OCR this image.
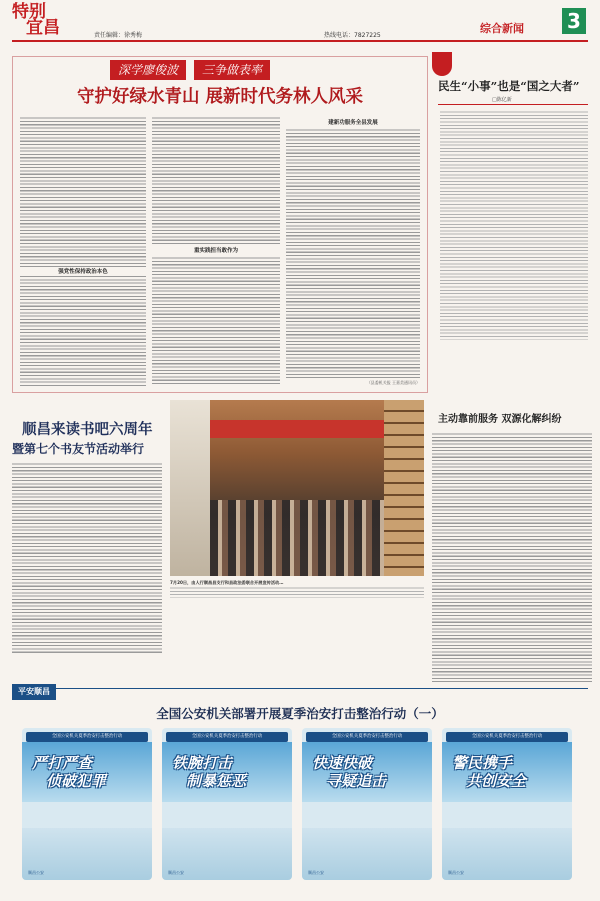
特别
宜昌	责任编辑：徐秀梅	热线电话：7827225
综合新闻 3
深学廖俊波	三争做表率
守护好绿水青山 展新时代务林人风采
重实践担当敢作为
建新功服务全县发展
（县委机关报 王嘉美通讯员）
强党性保持政治本色
民生“小事”也是“国之大者”
□陈亿新
顺昌来读书吧六周年
暨第七个书友节活动举行
7月20日，由人行顺昌县支行和县政法委联合开展宣传活动…
主动靠前服务 双源化解纠纷
平安顺昌
全国公安机关部署开展夏季治安打击整治行动（一）
全国公安机关夏季治安打击整治行动
严打严查
侦破犯罪
顺昌公安
全国公安机关夏季治安打击整治行动
铁腕打击
制暴惩恶
顺昌公安
全国公安机关夏季治安打击整治行动
快速快破
寻疑追击
顺昌公安
全国公安机关夏季治安打击整治行动
警民携手
共创安全
顺昌公安
